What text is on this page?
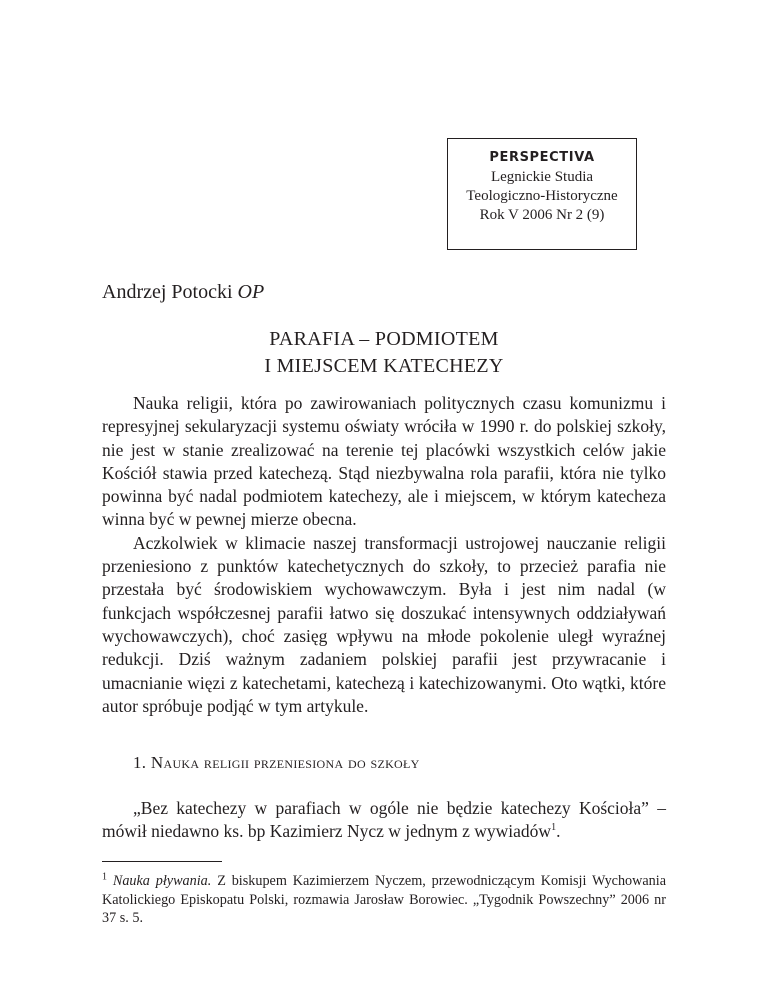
PERSPECTIVA
Legnickie Studia
Teologiczno-Historyczne
Rok V 2006 Nr 2 (9)
Andrzej Potocki OP
PARAFIA – PODMIOTEM
I MIEJSCEM KATECHEZY

Nauka religii, która po zawirowaniach politycznych czasu komunizmu i represyjnej sekularyzacji systemu oświaty wróciła w 1990 r. do polskiej szkoły, nie jest w stanie zrealizować na terenie tej placówki wszystkich celów jakie Kościół stawia przed katechezą. Stąd niezbywalna rola parafii, która nie tylko powinna być nadal podmiotem katechezy, ale i miejscem, w którym katecheza winna być w pewnej mierze obecna.

Aczkolwiek w klimacie naszej transformacji ustrojowej nauczanie religii przeniesiono z punktów katechetycznych do szkoły, to przecież parafia nie przestała być środowiskiem wychowawczym. Była i jest nim nadal (w funkcjach współczesnej parafii łatwo się doszukać intensywnych oddziaływań wychowawczych), choć zasięg wpływu na młode pokolenie uległ wyraźnej redukcji. Dziś ważnym zadaniem polskiej parafii jest przywracanie i umacnianie więzi z katechetami, katechezą i katechizowanymi. Oto wątki, które autor spróbuje podjąć w tym artykule.

1. Nauka religii przeniesiona do szkoły

„Bez katechezy w parafiach w ogóle nie będzie katechezy Kościoła” – mówił niedawno ks. bp Kazimierz Nycz w jednym z wywiadów$^1$.

$^1$ Nauka pływania. Z biskupem Kazimierzem Nyczem, przewodniczącym Komisji Wychowania Katolickiego Episkopatu Polski, rozmawia Jarosław Borowiec. „Tygodnik Powszechny” 2006 nr 37 s. 5.
